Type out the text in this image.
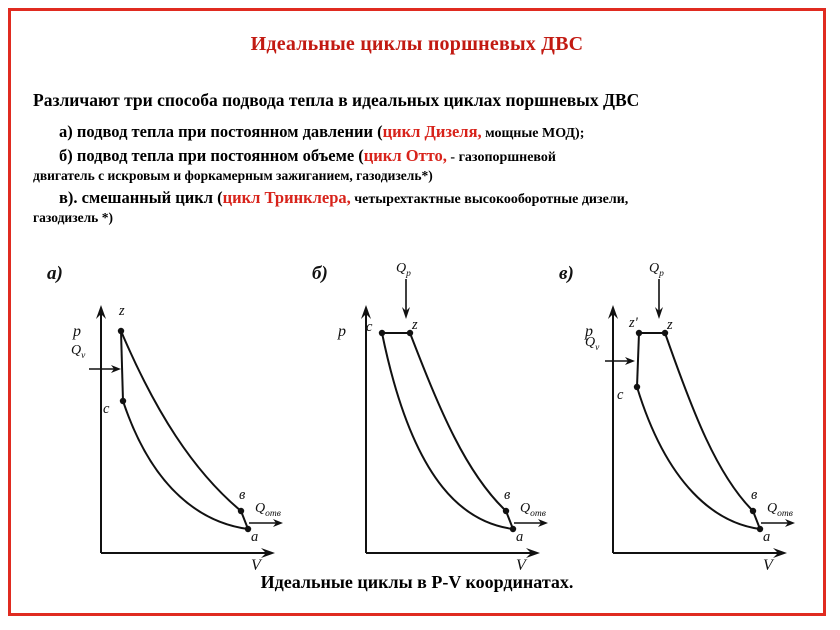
Идеальные циклы поршневых ДВС
Различают три способа подвода тепла в идеальных циклах поршневых ДВС
а) подвод тепла при постоянном давлении (цикл Дизеля, мощные МОД);
б) подвод тепла при постоянном объеме (цикл Отто, - газопоршневой
двигатель с искровым и форкамерным зажиганием, газодизель*)
в). смешанный цикл (цикл Тринклера, четырехтактные высокооборотные дизели,
газодизель *)
а)
p
V
z
c
в
а
$Q_v$
$Q_{отв}$
б)
p
V
c	z
в
а
$Q_p$
$Q_{отв}$
в)
p
V
z' z
c
в
а
$Q_v$
$Q_p$
$Q_{отв}$
Идеальные циклы в P-V координатах.
